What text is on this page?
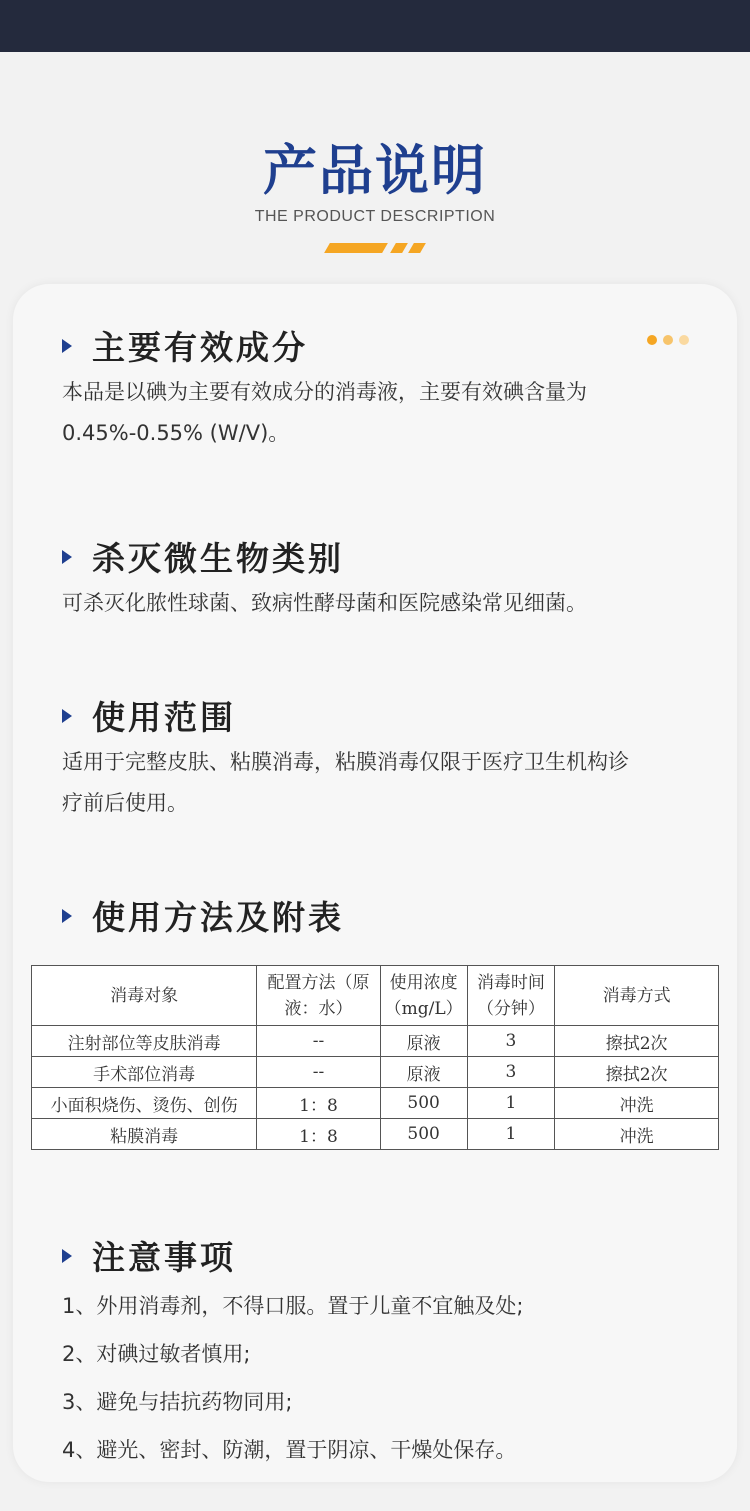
产品说明
THE PRODUCT DESCRIPTION
主要有效成分

本品是以碘为主要有效成分的消毒液，主要有效碘含量为

0.45%-0.55% (W/V)。

杀灭微生物类别

可杀灭化脓性球菌、致病性酵母菌和医院感染常见细菌。

使用范围

适用于完整皮肤、粘膜消毒，粘膜消毒仅限于医疗卫生机构诊

疗前后使用。

使用方法及附表
消毒对象	配置方法（原液：水）	使用浓度（mg/L）	消毒时间（分钟）	消毒方式
注射部位等皮肤消毒	--	原液	3	擦拭2次
手术部位消毒	--	原液	3	擦拭2次
小面积烧伤、烫伤、创伤	1：8	500	1	冲洗
粘膜消毒	1：8	500	1	冲洗
注意事项

1、外用消毒剂，不得口服。置于儿童不宜触及处;

2、对碘过敏者慎用;

3、避免与拮抗药物同用;

4、避光、密封、防潮，置于阴凉、干燥处保存。
